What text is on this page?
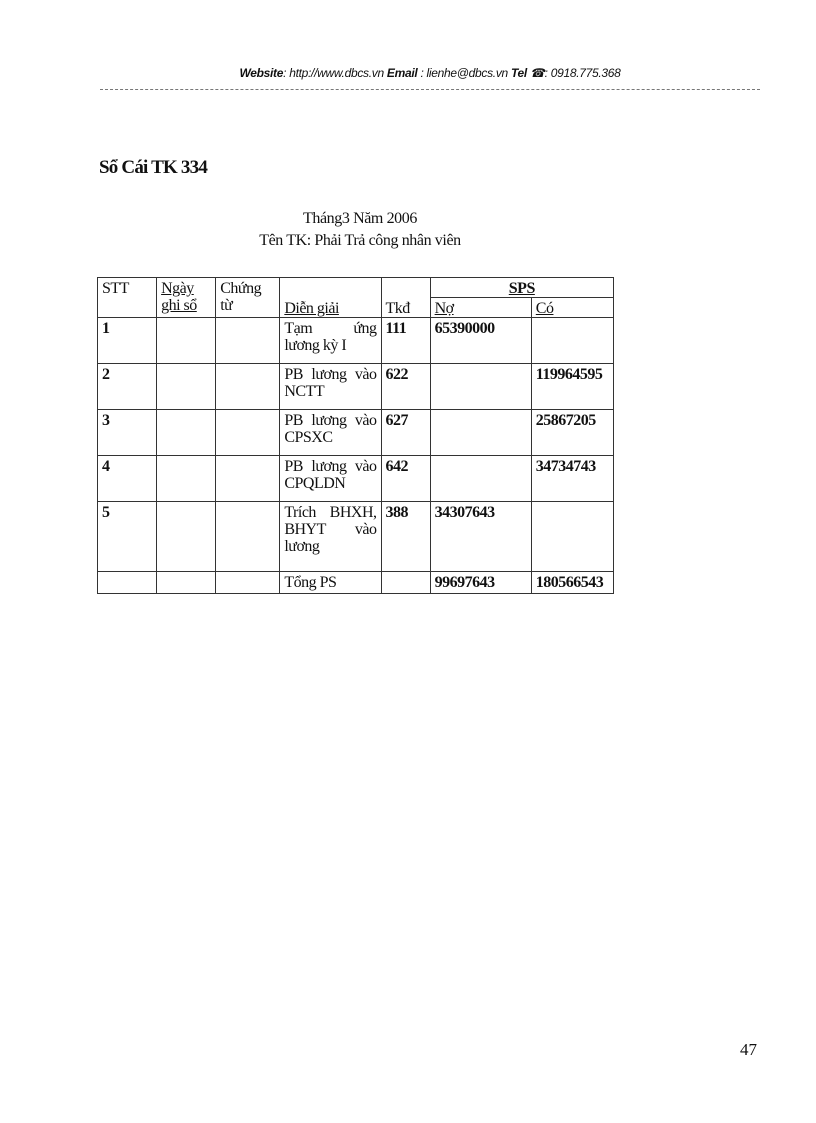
Website: http://www.dbcs.vn Email : lienhe@dbcs.vn Tel ☎: 0918.775.368
Sổ Cái TK 334
Tháng3 Năm 2006
Tên TK: Phải Trả công nhân viên
STT	Ngày ghi sổ	Chứng từ	Diễn giải	Tkđ	SPS	
					Nợ	Có
1			Tạm ứng lương kỳ I	111	65390000	
2			PB lương vào NCTT	622		119964595
3			PB lương vào CPSXC	627		25867205
4			PB lương vào CPQLDN	642		34734743
5			Trích BHXH, BHYT vào lương	388	34307643	
			Tổng PS		99697643	180566543
47
